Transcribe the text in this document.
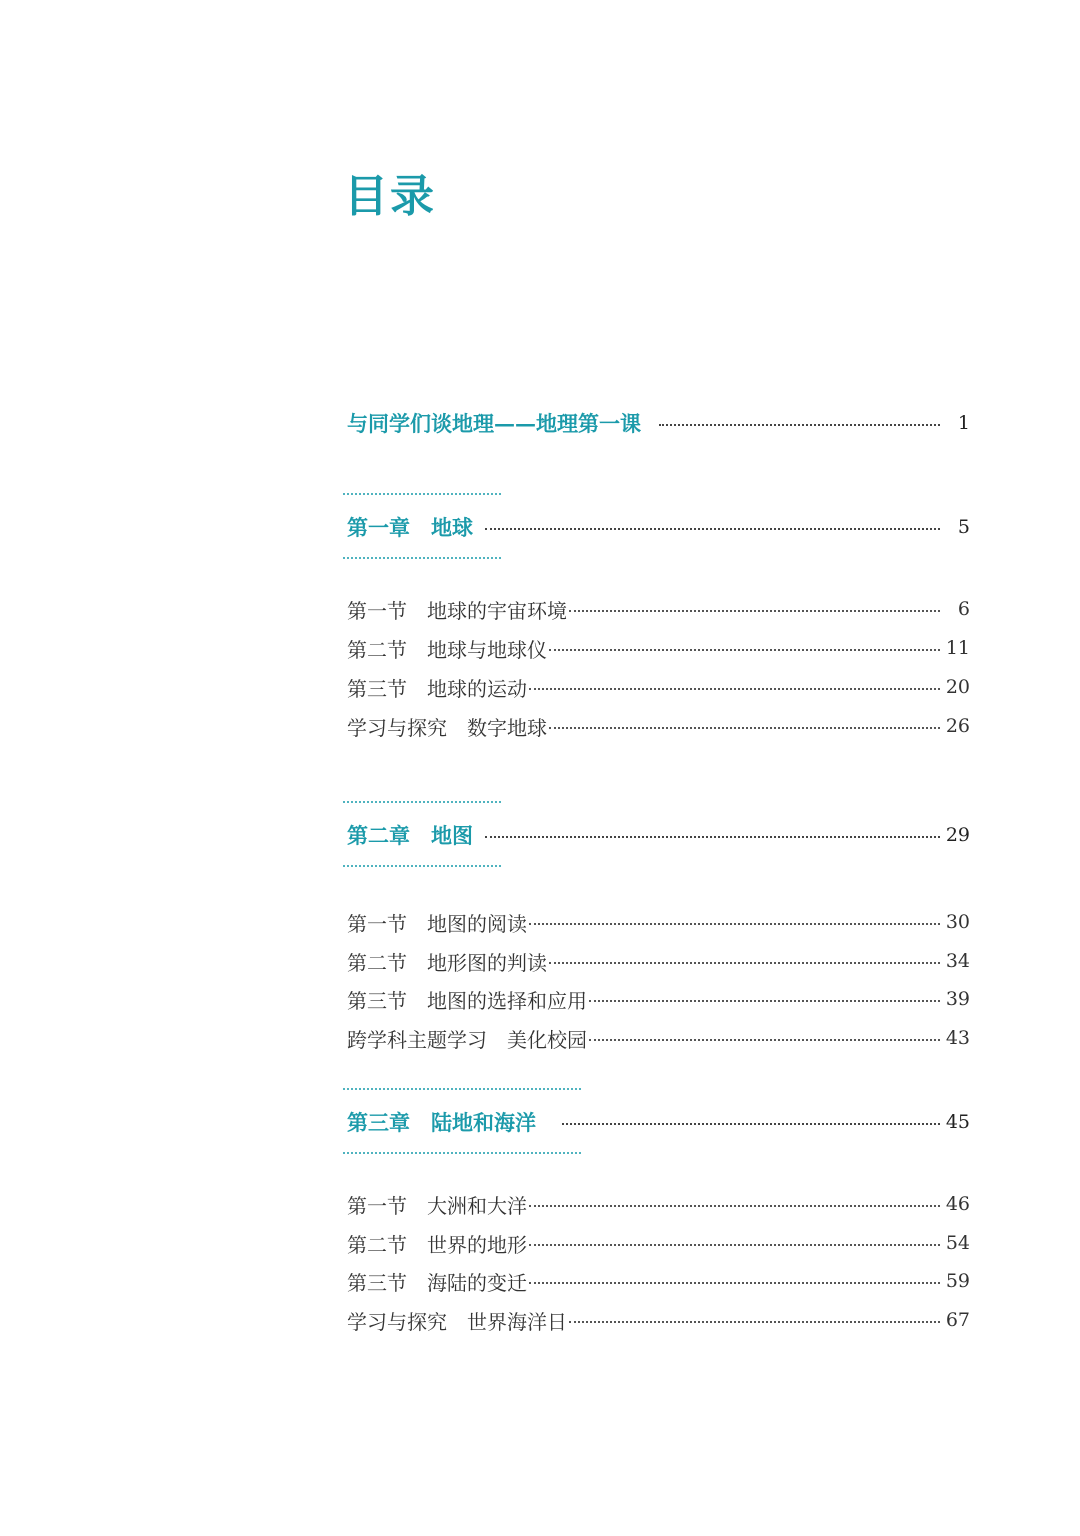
目录
与同学们谈地理——地理第一课	1
第一章　地球	5
第一节　地球的宇宙环境	6
第二节　地球与地球仪	11
第三节　地球的运动	20
学习与探究　数字地球	26
第二章　地图	29
第一节　地图的阅读	30
第二节　地形图的判读	34
第三节　地图的选择和应用	39
跨学科主题学习　美化校园	43
第三章　陆地和海洋	45
第一节　大洲和大洋	46
第二节　世界的地形	54
第三节　海陆的变迁	59
学习与探究　世界海洋日	67
